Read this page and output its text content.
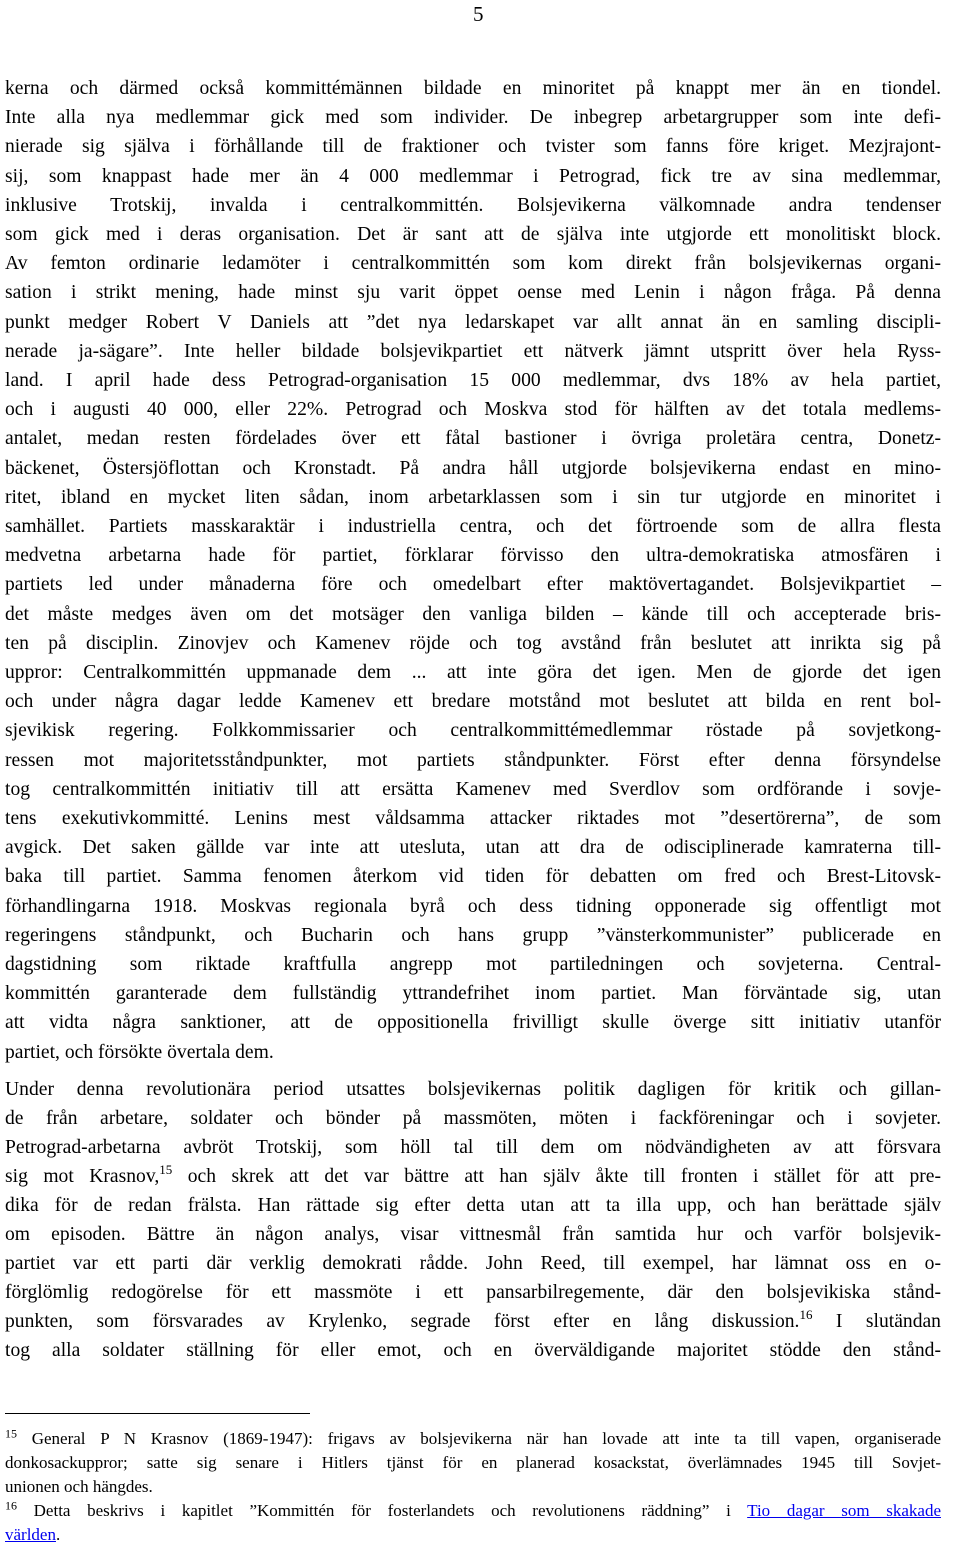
5
kerna och därmed också kommittémännen bildade en minoritet på knappt mer än en tiondel.
Inte alla nya medlemmar gick med som individer. De inbegrep arbetargrupper som inte defi-
nierade sig själva i förhållande till de fraktioner och tvister som fanns före kriget. Mezjrajont-
sij, som knappast hade mer än 4 000 medlemmar i Petrograd, fick tre av sina medlemmar,
inklusive Trotskij, invalda i centralkommittén. Bolsjevikerna välkomnade andra tendenser
som gick med i deras organisation. Det är sant att de själva inte utgjorde ett monolitiskt block.
Av femton ordinarie ledamöter i centralkommittén som kom direkt från bolsjevikernas organi-
sation i strikt mening, hade minst sju varit öppet oense med Lenin i någon fråga. På denna
punkt medger Robert V Daniels att ”det nya ledarskapet var allt annat än en samling discipli-
nerade ja-sägare”. Inte heller bildade bolsjevikpartiet ett nätverk jämnt utspritt över hela Ryss-
land. I april hade dess Petrograd-organisation 15 000 medlemmar, dvs 18% av hela partiet,
och i augusti 40 000, eller 22%. Petrograd och Moskva stod för hälften av det totala medlems-
antalet, medan resten fördelades över ett fåtal bastioner i övriga proletära centra, Donetz-
bäckenet, Östersjöflottan och Kronstadt. På andra håll utgjorde bolsjevikerna endast en mino-
ritet, ibland en mycket liten sådan, inom arbetarklassen som i sin tur utgjorde en minoritet i
samhället. Partiets masskaraktär i industriella centra, och det förtroende som de allra flesta
medvetna arbetarna hade för partiet, förklarar förvisso den ultra-demokratiska atmosfären i
partiets led under månaderna före och omedelbart efter maktövertagandet. Bolsjevikpartiet –
det måste medges även om det motsäger den vanliga bilden – kände till och accepterade bris-
ten på disciplin. Zinovjev och Kamenev röjde och tog avstånd från beslutet att inrikta sig på
uppror: Centralkommittén uppmanade dem ... att inte göra det igen. Men de gjorde det igen
och under några dagar ledde Kamenev ett bredare motstånd mot beslutet att bilda en rent bol-
sjevikisk regering. Folkkommissarier och centralkommittémedlemmar röstade på sovjetkong-
ressen mot majoritetsståndpunkter, mot partiets ståndpunkter. Först efter denna försyndelse
tog centralkommittén initiativ till att ersätta Kamenev med Sverdlov som ordförande i sovje-
tens exekutivkommitté. Lenins mest våldsamma attacker riktades mot ”desertörerna”, de som
avgick. Det saken gällde var inte att utesluta, utan att dra de odisciplinerade kamraterna till-
baka till partiet. Samma fenomen återkom vid tiden för debatten om fred och Brest-Litovsk-
förhandlingarna 1918. Moskvas regionala byrå och dess tidning opponerade sig offentligt mot
regeringens ståndpunkt, och Bucharin och hans grupp ”vänsterkommunister” publicerade en
dagstidning som riktade kraftfulla angrepp mot partiledningen och sovjeterna. Central-
kommittén garanterade dem fullständig yttrandefrihet inom partiet. Man förväntade sig, utan
att vidta några sanktioner, att de oppositionella frivilligt skulle överge sitt initiativ utanför
partiet, och försökte övertala dem.
Under denna revolutionära period utsattes bolsjevikernas politik dagligen för kritik och gillan-
de från arbetare, soldater och bönder på massmöten, möten i fackföreningar och i sovjeter.
Petrograd-arbetarna avbröt Trotskij, som höll tal till dem om nödvändigheten av att försvara
sig mot Krasnov,$^{15}$ och skrek att det var bättre att han själv åkte till fronten i stället för att pre-
dika för de redan frälsta. Han rättade sig efter detta utan att ta illa upp, och han berättade själv
om episoden. Bättre än någon analys, visar vittnesmål från samtida hur och varför bolsjevik-
partiet var ett parti där verklig demokrati rådde. John Reed, till exempel, har lämnat oss en o-
förglömlig redogörelse för ett massmöte i ett pansarbilregemente, där den bolsjevikiska stånd-
punkten, som försvarades av Krylenko, segrade först efter en lång diskussion.$^{16}$ I slutändan
tog alla soldater ställning för eller emot, och en överväldigande majoritet stödde den stånd-
$^{15}$ General P N Krasnov (1869-1947): frigavs av bolsjevikerna när han lovade att inte ta till vapen, organiserade
donkosackuppror; satte sig senare i Hitlers tjänst för en planerad kosackstat, överlämnades 1945 till Sovjet-
unionen och hängdes.
$^{16}$ Detta beskrivs i kapitlet ”Kommittén för fosterlandets och revolutionens räddning” i Tio dagar som skakade
världen.
